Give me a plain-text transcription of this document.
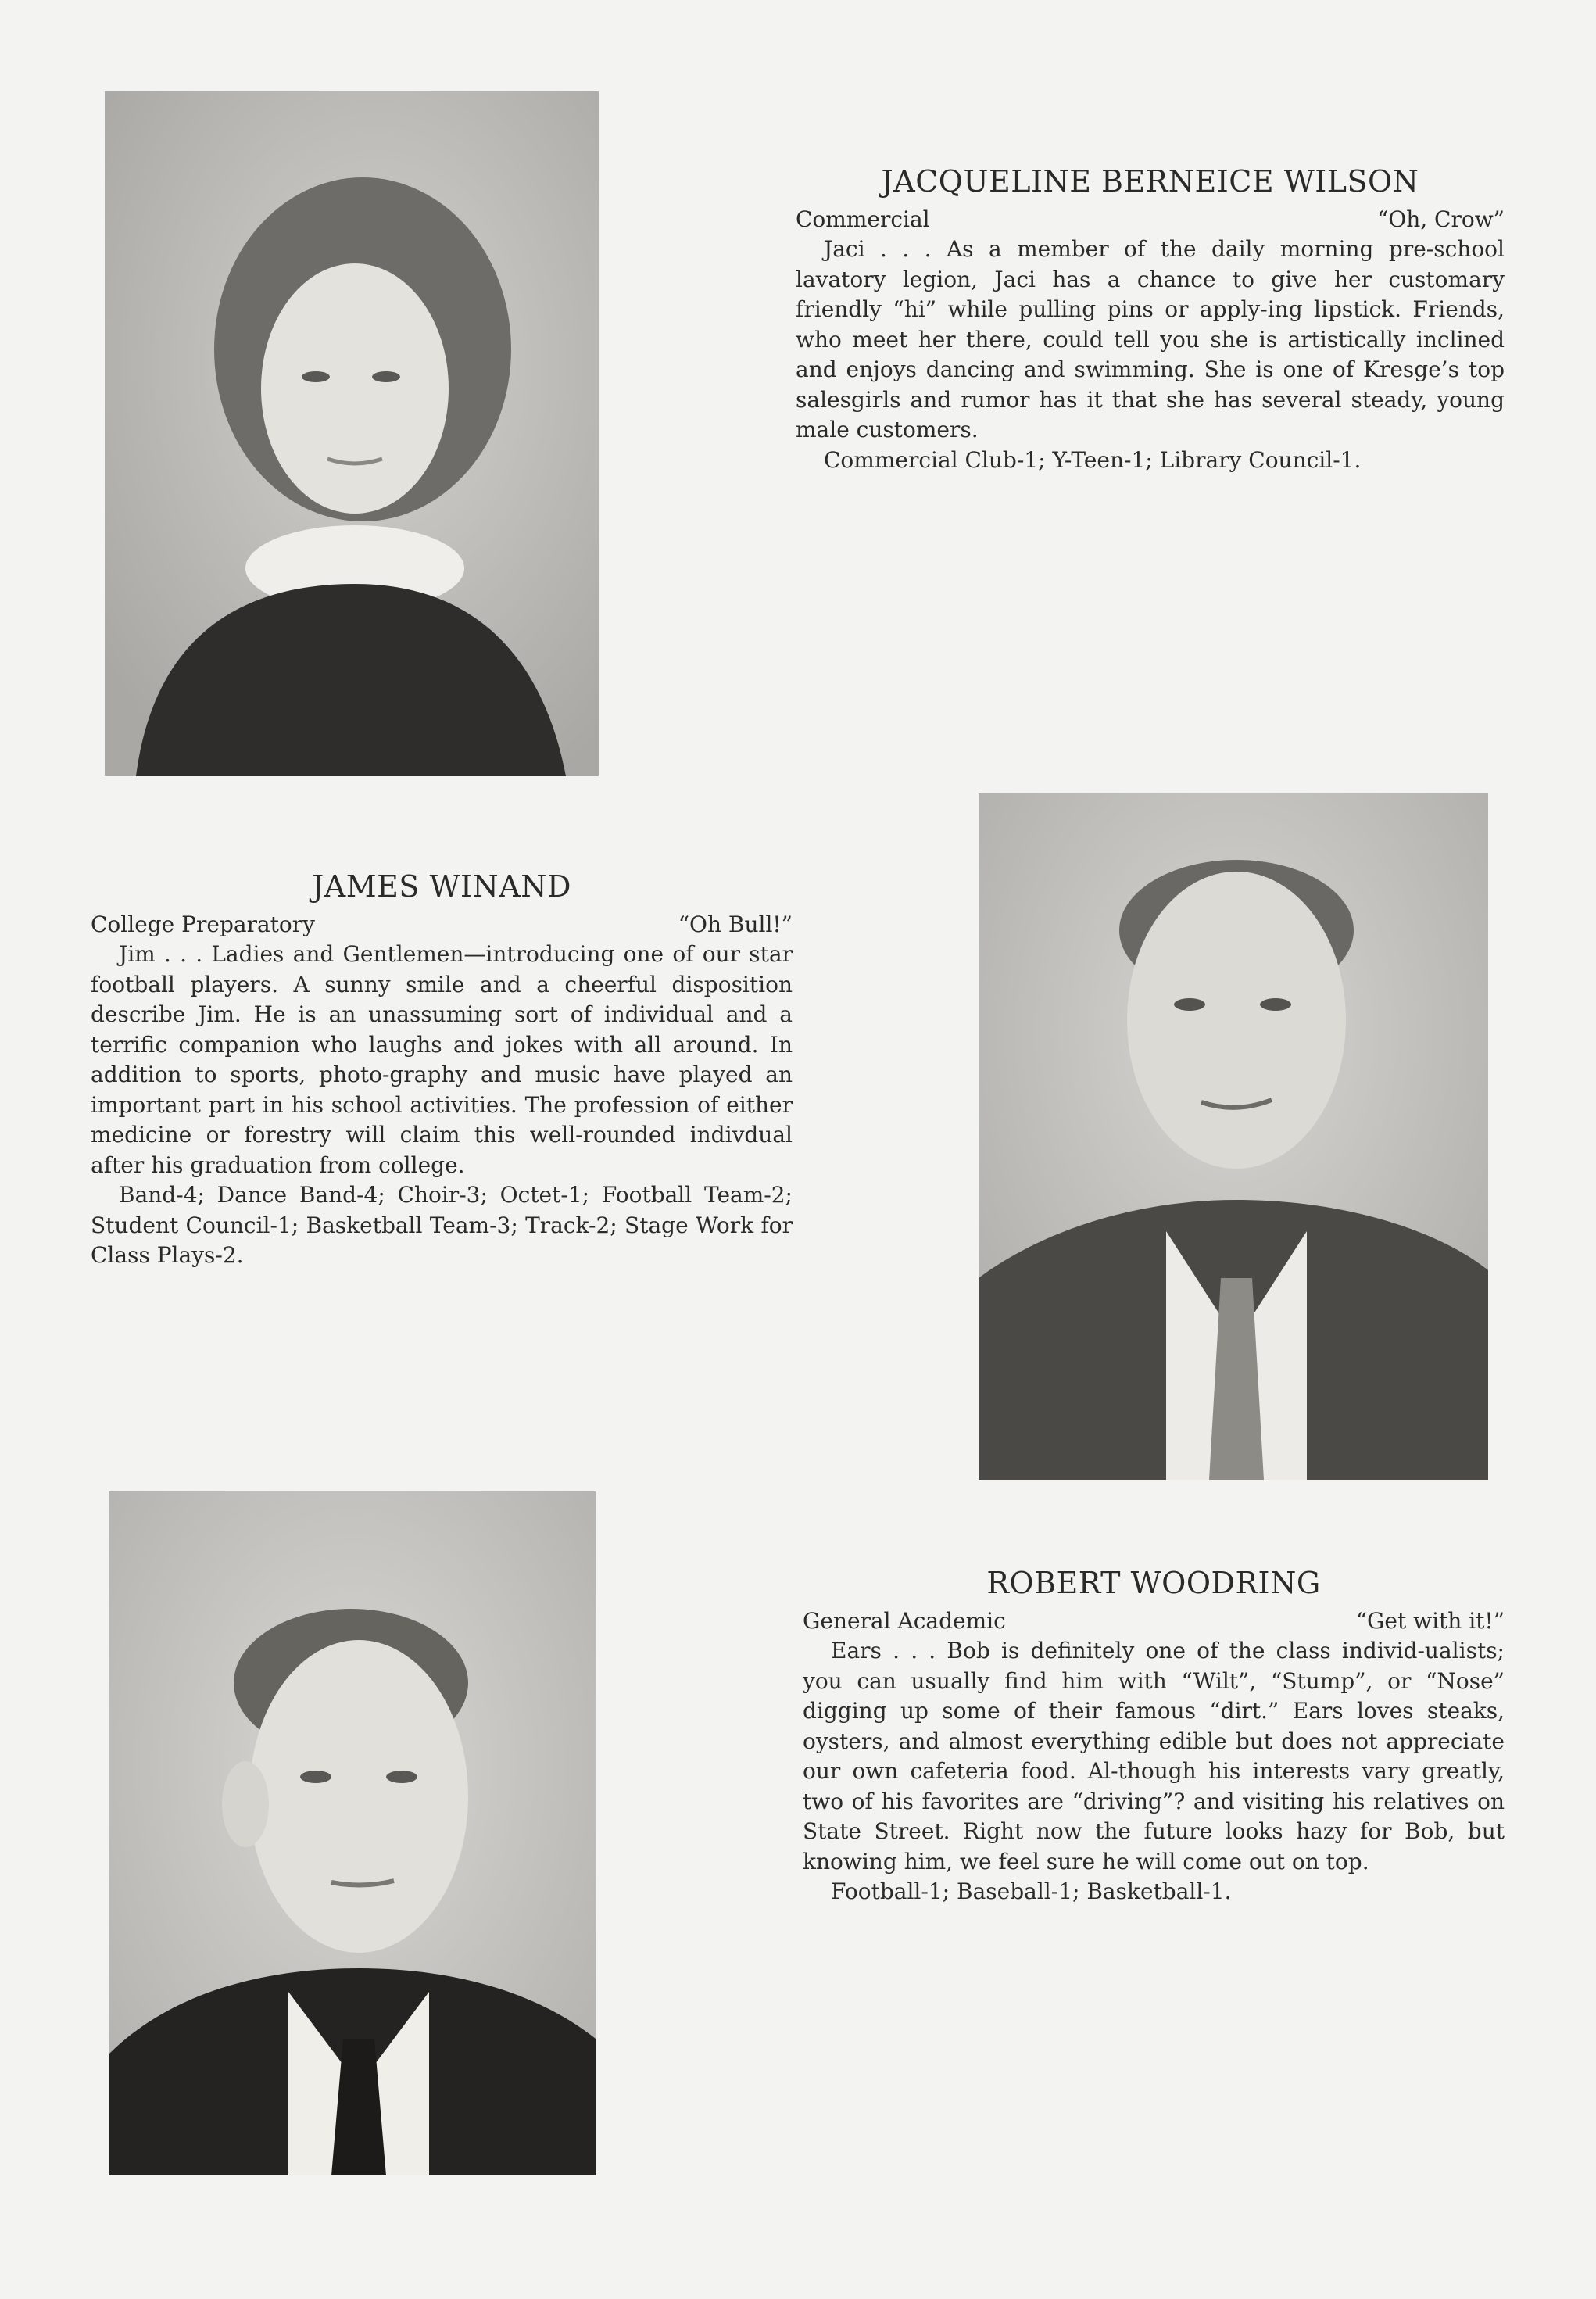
JACQUELINE BERNEICE WILSON
Commercial	“Oh, Crow”

Jaci . . . As a member of the daily morning pre-school lavatory legion, Jaci has a chance to give her customary friendly “hi” while pulling pins or apply-ing lipstick. Friends, who meet her there, could tell you she is artistically inclined and enjoys dancing and swimming. She is one of Kresge’s top salesgirls and rumor has it that she has several steady, young male customers.

Commercial Club-1; Y-Teen-1; Library Council-1.

JAMES WINAND
College Preparatory	“Oh Bull!”

Jim . . . Ladies and Gentlemen—introducing one of our star football players. A sunny smile and a cheerful disposition describe Jim. He is an unassuming sort of individual and a terrific companion who laughs and jokes with all around. In addition to sports, photo-graphy and music have played an important part in his school activities. The profession of either medicine or forestry will claim this well-rounded indivdual after his graduation from college.

Band-4; Dance Band-4; Choir-3; Octet-1; Football Team-2; Student Council-1; Basketball Team-3; Track-2; Stage Work for Class Plays-2.

ROBERT WOODRING
General Academic	“Get with it!”

Ears . . . Bob is definitely one of the class individ-ualists; you can usually find him with “Wilt”, “Stump”, or “Nose” digging up some of their famous “dirt.” Ears loves steaks, oysters, and almost everything edible but does not appreciate our own cafeteria food. Al-though his interests vary greatly, two of his favorites are “driving”? and visiting his relatives on State Street. Right now the future looks hazy for Bob, but knowing him, we feel sure he will come out on top.

Football-1; Baseball-1; Basketball-1.
